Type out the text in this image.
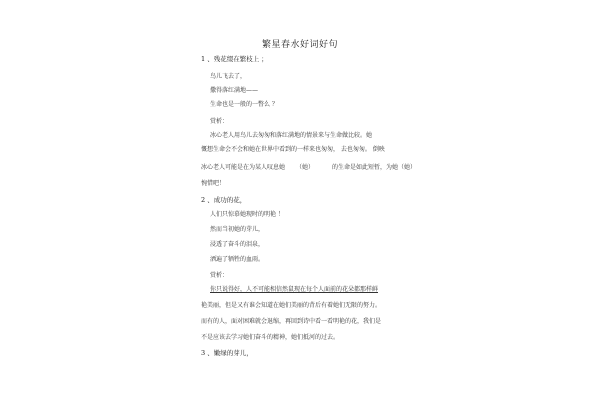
繁星春水好词好句
1 、残花缀在繁枝上 ；
鸟儿飞去了，
撒得落红满地——
生命也是一般的一瞥么 ？
赏析：
冰心老人用鸟儿去匆匆和落红满地的情景来与生命做比较。她
慨想生命会不会和她在世界中看到的一样来也匆匆， 去也匆匆。 倒映
冰心老人可能是在为某人叹息她 （她）	的生命是如此短暂，为她（她）
惋惜吧！
2 、成功的花，
人们只惊慕她现时的明艳 ！
然而当初她的芽儿，
浸透了奋斗的泪泉，
洒遍了牺牲的血雨。
赏析：
你只说得好，人不可能相信然鼠现在每个人面前的花朵都那样鲜
艳美丽，但是又有谁会知道在她们美丽的背后有着她们无限的努力。
而有的人，面对困难就会退缩，再回到诗中看一看明艳的花，我们是
不是应该去学习她们奋斗的精神，她们抵河的过去。
3 、嫩绿的芽儿，
